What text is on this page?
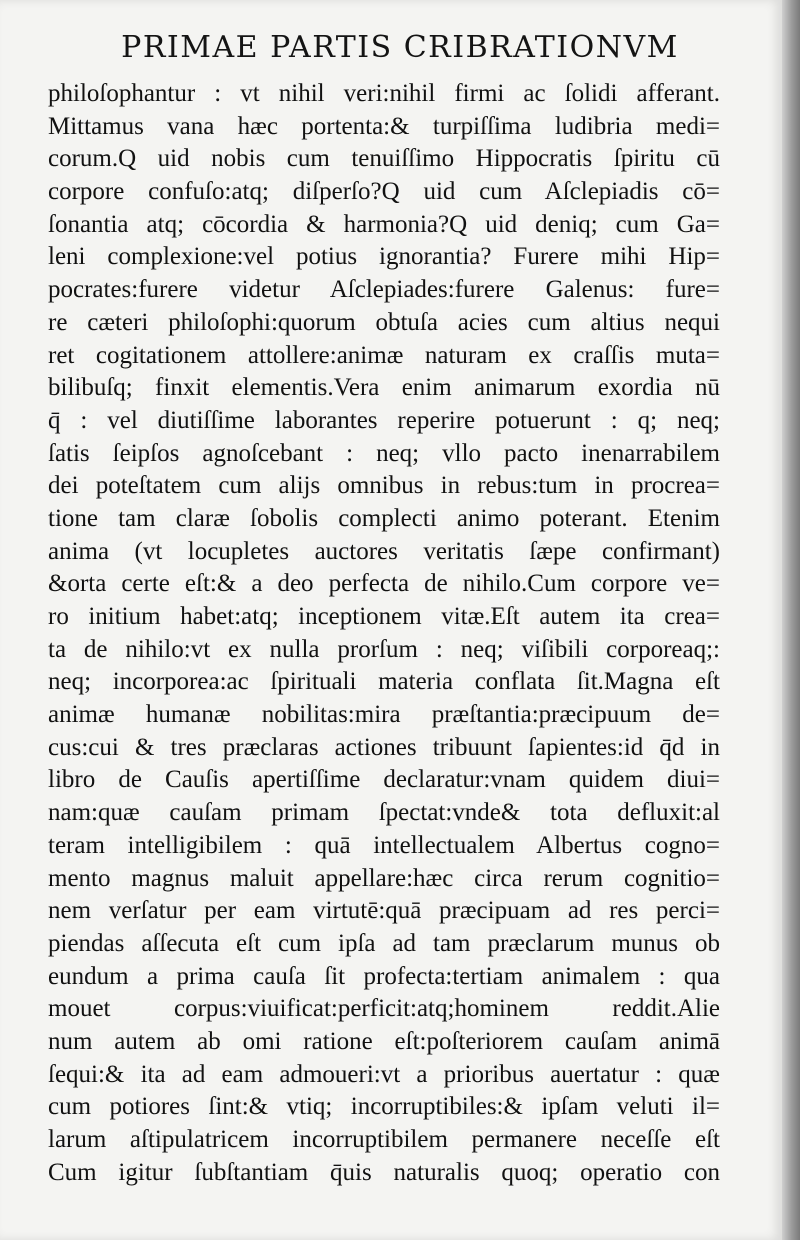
PRIMAE PARTIS CRIBRATIONVM
philoſophantur : vt nihil veri:nihil firmi ac ſolidi afferant.
Mittamus vana hæc portenta:& turpiſſima ludibria medi=
corum.Q uid nobis cum tenuiſſimo Hippocratis ſpiritu cū
corpore confuſo:atq; diſperſo?Q uid cum Aſclepiadis cō=
ſonantia atq; cōcordia & harmonia?Q uid deniq; cum Ga=
leni complexione:vel potius ignorantia? Furere mihi Hip=
pocrates:furere videtur Aſclepiades:furere Galenus: fure=
re cæteri philoſophi:quorum obtuſa acies cum altius nequi
ret cogitationem attollere:animæ naturam ex craſſis muta=
bilibuſq; finxit elementis.Vera enim animarum exordia nū
q̄ : vel diutiſſime laborantes reperire potuerunt : q; neq;
ſatis ſeipſos agnoſcebant : neq; vllo pacto inenarrabilem
dei poteſtatem cum alijs omnibus in rebus:tum in procrea=
tione tam claræ ſobolis complecti animo poterant. Etenim
anima (vt locupletes auctores veritatis ſæpe confirmant)
&orta certe eſt:& a deo perfecta de nihilo.Cum corpore ve=
ro initium habet:atq; inceptionem vitæ.Eſt autem ita crea=
ta de nihilo:vt ex nulla prorſum : neq; viſibili corporeaq;:
neq; incorporea:ac ſpirituali materia conflata ſit.Magna eſt
animæ humanæ nobilitas:mira præſtantia:præcipuum de=
cus:cui & tres præclaras actiones tribuunt ſapientes:id q̄d in
libro de Cauſis apertiſſime declaratur:vnam quidem diui=
nam:quæ cauſam primam ſpectat:vnde& tota defluxit:al
teram intelligibilem : quā intellectualem Albertus cogno=
mento magnus maluit appellare:hæc circa rerum cognitio=
nem verſatur per eam virtutē:quā præcipuam ad res perci=
piendas aſſecuta eſt cum ipſa ad tam præclarum munus ob
eundum a prima cauſa ſit profecta:tertiam animalem : qua
mouet corpus:viuificat:perficit:atq;hominem reddit.Alie
num autem ab omi ratione eſt:poſteriorem cauſam animā
ſequi:& ita ad eam admoueri:vt a prioribus auertatur : quæ
cum potiores ſint:& vtiq; incorruptibiles:& ipſam veluti il=
larum aſtipulatricem incorruptibilem permanere neceſſe eſt
Cum igitur ſubſtantiam q̄uis naturalis quoq; operatio con
